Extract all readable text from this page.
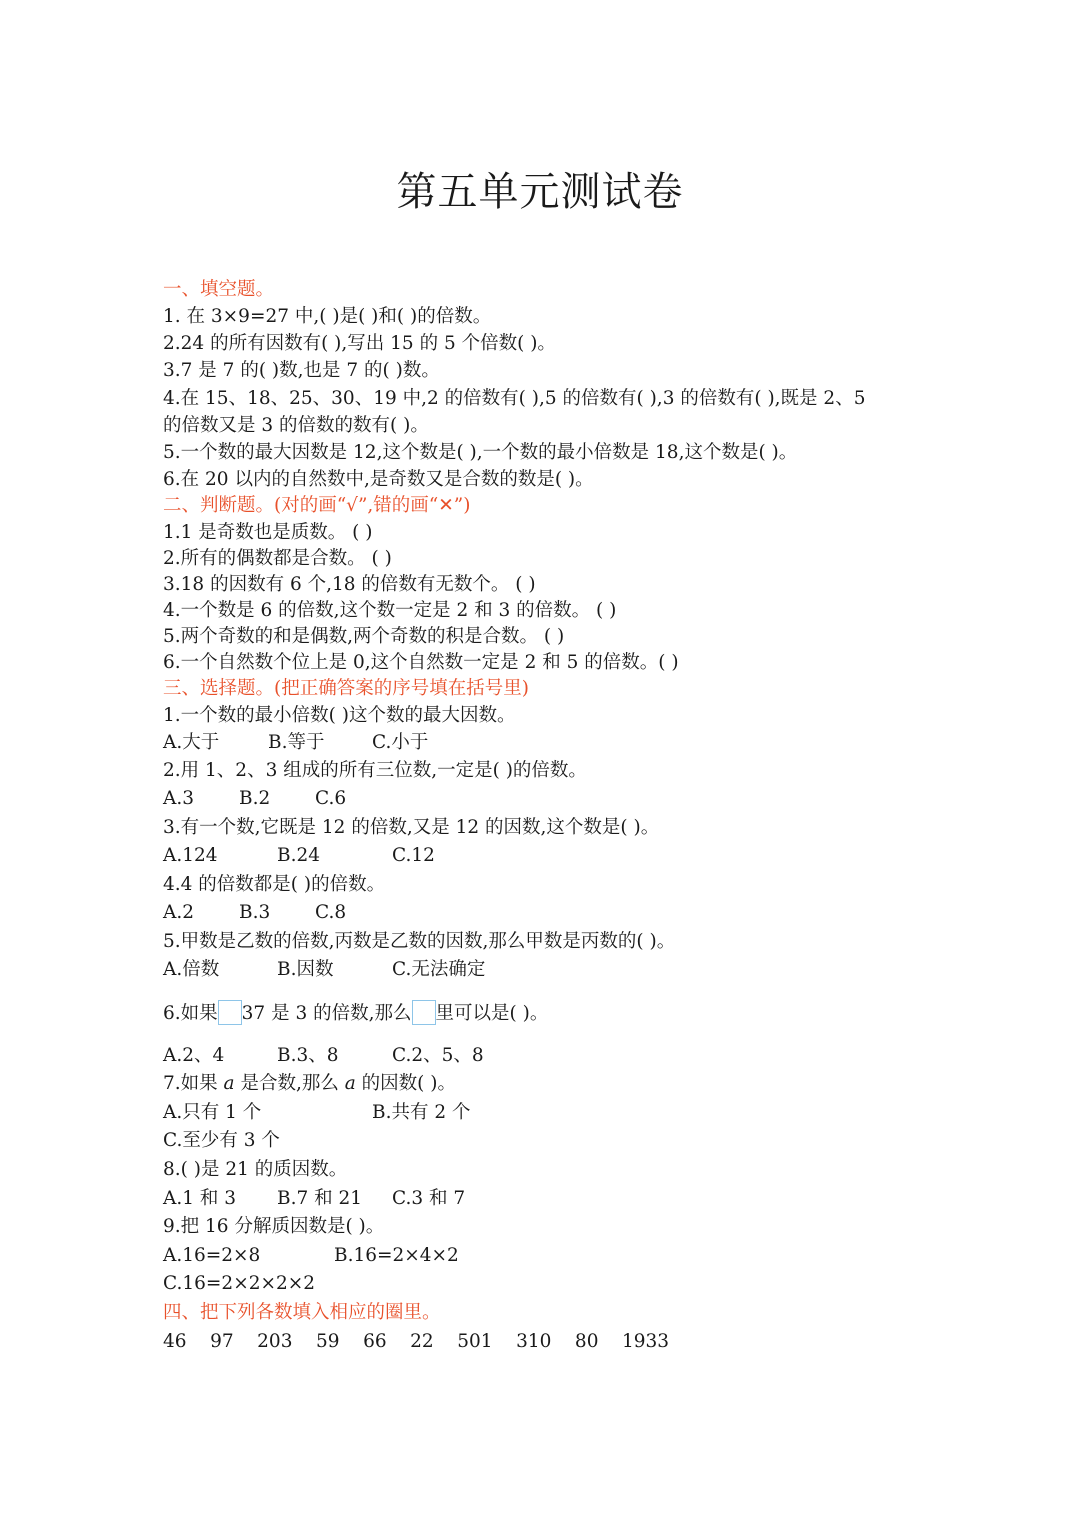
第五单元测试卷
一、填空题。
1. 在 3×9=27 中,( )是( )和( )的倍数。
2.24 的所有因数有( ),写出 15 的 5 个倍数( )。
3.7 是 7 的( )数,也是 7 的( )数。
4.在 15、18、25、30、19 中,2 的倍数有( ),5 的倍数有( ),3 的倍数有( ),既是 2、5
的倍数又是 3 的倍数的数有( )。
5.一个数的最大因数是 12,这个数是( ),一个数的最小倍数是 18,这个数是( )。
6.在 20 以内的自然数中,是奇数又是合数的数是( )。
二、判断题。(对的画“√”,错的画“✕”)
1.1 是奇数也是质数。 ( )
2.所有的偶数都是合数。 ( )
3.18 的因数有 6 个,18 的倍数有无数个。 ( )
4.一个数是 6 的倍数,这个数一定是 2 和 3 的倍数。 ( )
5.两个奇数的和是偶数,两个奇数的积是合数。 ( )
6.一个自然数个位上是 0,这个自然数一定是 2 和 5 的倍数。( )
三、选择题。(把正确答案的序号填在括号里)
1.一个数的最小倍数( )这个数的最大因数。
A.大于	B.等于	C.小于
2.用 1、2、3 组成的所有三位数,一定是( )的倍数。
A.3 B.2 C.6
3.有一个数,它既是 12 的倍数,又是 12 的因数,这个数是( )。
A.124	B.24	C.12
4.4 的倍数都是( )的倍数。
A.2 B.3 C.8
5.甲数是乙数的倍数,丙数是乙数的因数,那么甲数是丙数的( )。
A.倍数	B.因数	C.无法确定
6.如果 37 是 3 的倍数,那么 里可以是( )。
A.2、4	B.3、8	C.2、5、8
7.如果 a 是合数,那么 a 的因数( )。
A.只有 1 个	B.共有 2 个
C.至少有 3 个
8.( )是 21 的质因数。
A.1 和 3 B.7 和 21 C.3 和 7
9.把 16 分解质因数是( )。
A.16=2×8	B.16=2×4×2
C.16=2×2×2×2
四、把下列各数填入相应的圈里。
46 97 203 59 66 22 501 310 80 1933
